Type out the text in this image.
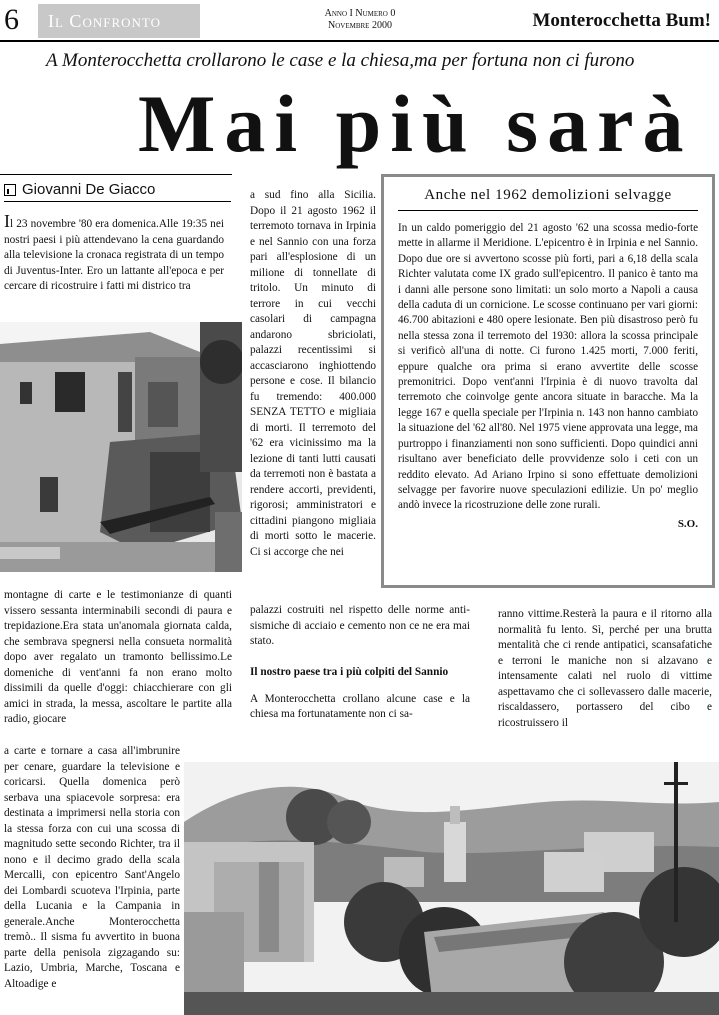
6	Il Confronto	Anno I Numero 0
Novembre 2000	Monterocchetta Bum!
A Monterocchetta crollarono le case e la chiesa,ma per fortuna non ci furono
Mai più sarà
Giovanni De Giacco

Il 23 novembre '80 era domenica.Alle 19:35 nei nostri paesi i più attendevano la cena guardando alla televisione la cronaca registrata di un tempo di Juventus-Inter. Ero un lattante all'epoca e per cercare di ricostruire i fatti mi districo tra

montagne di carte e le testimonianze di quanti vissero sessanta interminabili secondi di paura e trepidazione.Era stata un'anomala giornata calda, che sembrava spegnersi nella consueta normalità dopo aver regalato un tramonto bellissimo.Le domeniche di vent'anni fa non erano molto dissimili da quelle d'oggi: chiacchierare con gli amici in strada, la messa, ascoltare le partite alla radio, giocare

a carte e tornare a casa all'imbrunire per cenare, guardare la televisione e coricarsi. Quella domenica però serbava una spiacevole sorpresa: era destinata a imprimersi nella storia con la stessa forza con cui una scossa di magnitudo sette secondo Richter, tra il nono e il decimo grado della scala Mercalli, con epicentro Sant'Angelo dei Lombardi scuoteva l'Irpinia, parte della Lucania e la Campania in generale.Anche Monterocchetta tremò.. Il sisma fu avvertito in buona parte della penisola zigzagando su: Lazio, Umbria, Marche, Toscana e Altoadige e

a sud fino alla Sicilia. Dopo il 21 agosto 1962 il terremoto tornava in Irpinia e nel Sannio con una forza pari all'esplosione di un milione di tonnellate di tritolo. Un minuto di terrore in cui vecchi casolari di campagna andarono sbriciolati, palazzi recentissimi si accasciarono inghiottendo persone e cose. Il bilancio fu tremendo: 400.000 SENZA TETTO e migliaia di morti. Il terremoto del '62 era vicinissimo ma la lezione di tanti lutti causati da terremoti non è bastata a rendere accorti, previdenti, rigorosi; amministratori e cittadini piangono migliaia di morti sotto le macerie. Ci si accorge che nei

palazzi costruiti nel rispetto delle norme anti-sismiche di acciaio e cemento non ce ne era mai stato.

Il nostro paese tra i più colpiti del Sannio

A Monterocchetta crollano alcune case e la chiesa ma fortunatamente non ci sa-

ranno vittime.Resterà la paura e il ritorno alla normalità fu lento. Sì, perché per una brutta mentalità che ci rende antipatici, scansafatiche e terroni le maniche non si alzavano e intensamente calati nel ruolo di vittime aspettavamo che ci sollevassero dalle macerie, riscaldassero, portassero del cibo e ricostruissero il

Anche nel 1962 demolizioni selvagge
In un caldo pomeriggio del 21 agosto '62 una scossa medio-forte mette in allarme il Meridione. L'epicentro è in Irpinia e nel Sannio. Dopo due ore si avvertono scosse più forti, pari a 6,18 della scala Richter valutata come IX grado sull'epicentro. Il panico è tanto ma i danni alle persone sono limitati: un solo morto a Napoli a causa della caduta di un cornicione. Le scosse continuano per vari giorni: 46.700 abitazioni e 480 opere lesionate. Ben più disastroso però fu nella stessa zona il terremoto del 1930: allora la scossa principale si verificò all'una di notte. Ci furono 1.425 morti, 7.000 feriti, eppure qualche ora prima si erano avvertite delle scosse premonitrici. Dopo vent'anni l'Irpinia è di nuovo travolta dal terremoto che coinvolge gente ancora situate in baracche. Ma la legge 167 e quella speciale per l'Irpinia n. 143 non hanno cambiato la situazione del '62 all'80. Nel 1975 viene approvata una legge, ma purtroppo i finanziamenti non sono sufficienti. Dopo quindici anni risultano aver beneficiato delle provvidenze solo i ceti con un reddito elevato. Ad Ariano Irpino si sono effettuate demolizioni selvagge per favorire nuove speculazioni edilizie. Un po' meglio andò invece la ricostruzione delle zone rurali.
S.O.
